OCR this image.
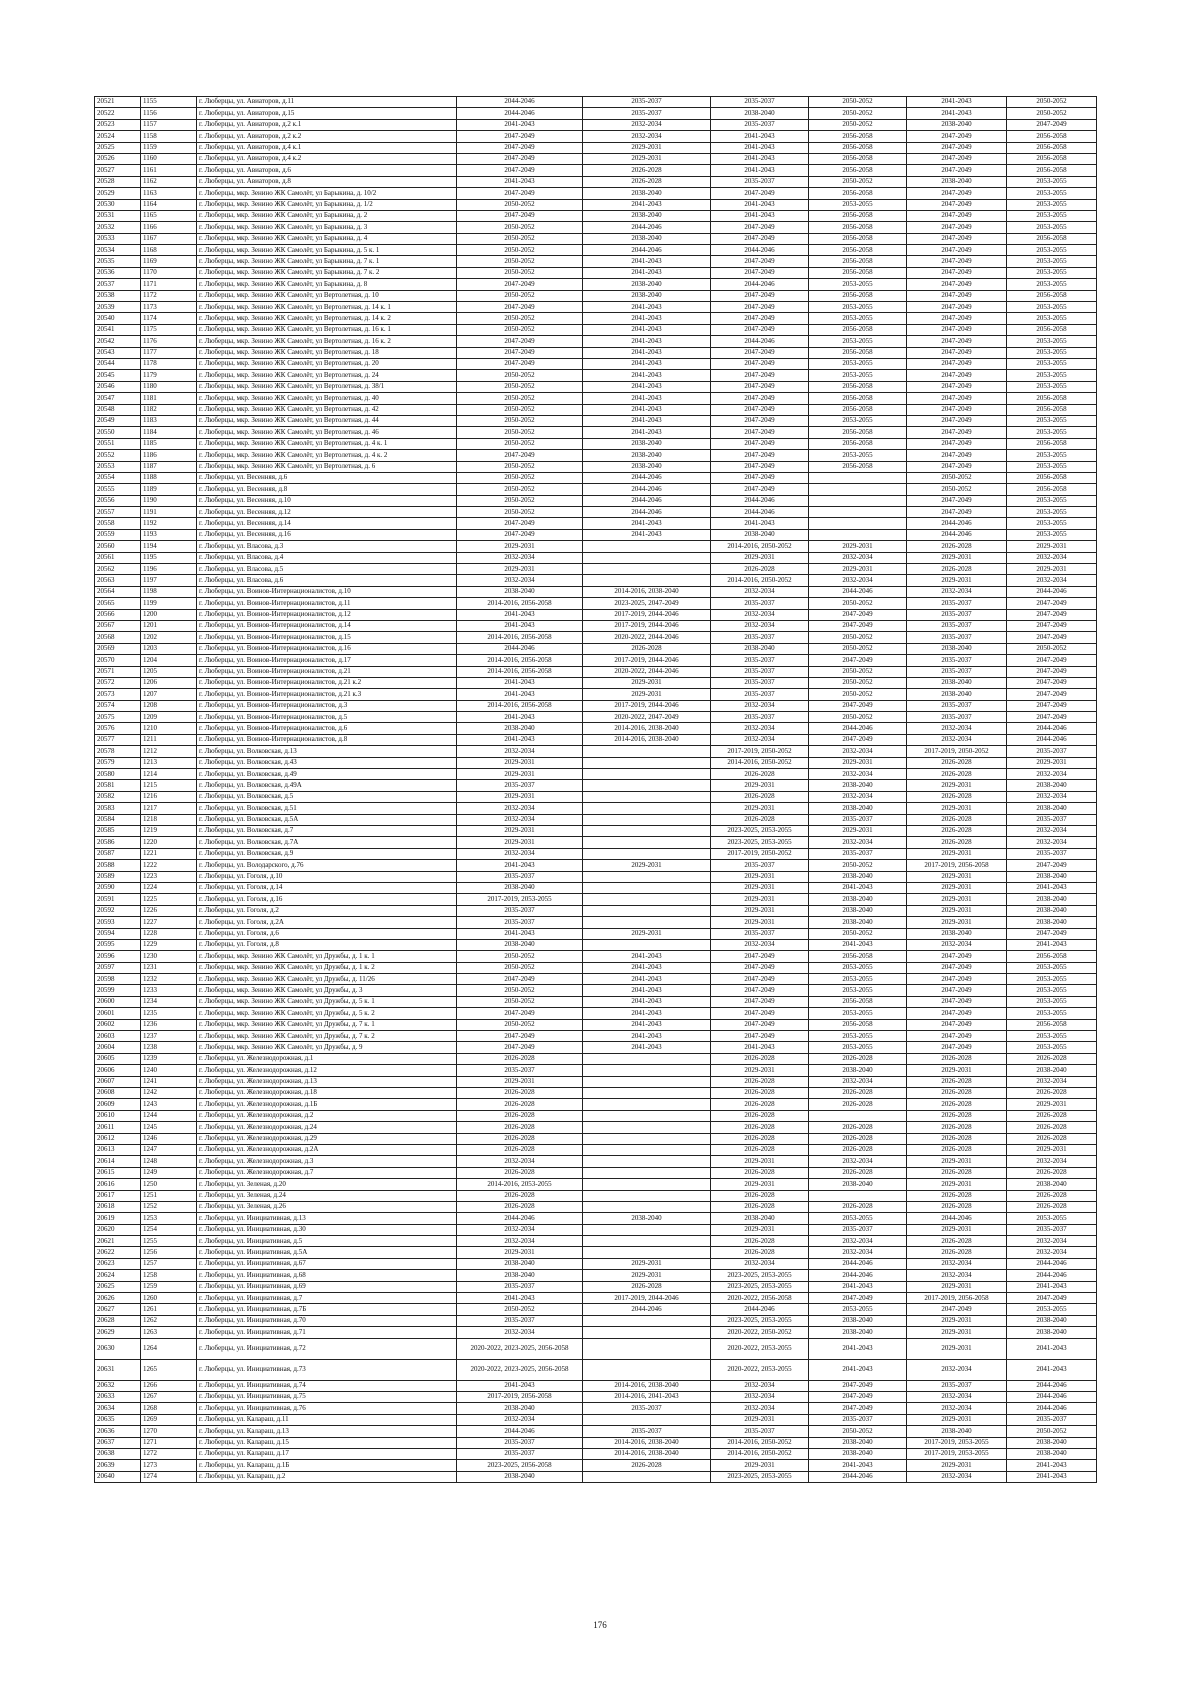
20521	1155	г. Люберцы, ул. Авиаторов, д.11	2044-2046	2035-2037	2035-2037	2050-2052	2041-2043	2050-2052
20522	1156	г. Люберцы, ул. Авиаторов, д.15	2044-2046	2035-2037	2038-2040	2050-2052	2041-2043	2050-2052
20523	1157	г. Люберцы, ул. Авиаторов, д.2 к.1	2041-2043	2032-2034	2035-2037	2050-2052	2038-2040	2047-2049
20524	1158	г. Люберцы, ул. Авиаторов, д.2 к.2	2047-2049	2032-2034	2041-2043	2056-2058	2047-2049	2056-2058
20525	1159	г. Люберцы, ул. Авиаторов, д.4 к.1	2047-2049	2029-2031	2041-2043	2056-2058	2047-2049	2056-2058
20526	1160	г. Люберцы, ул. Авиаторов, д.4 к.2	2047-2049	2029-2031	2041-2043	2056-2058	2047-2049	2056-2058
20527	1161	г. Люберцы, ул. Авиаторов, д.6	2047-2049	2026-2028	2041-2043	2056-2058	2047-2049	2056-2058
20528	1162	г. Люберцы, ул. Авиаторов, д.8	2041-2043	2026-2028	2035-2037	2050-2052	2038-2040	2053-2055
20529	1163	г. Люберцы, мкр. Зенино ЖК Самолёт, ул Барыкина, д. 10/2	2047-2049	2038-2040	2047-2049	2056-2058	2047-2049	2053-2055
20530	1164	г. Люберцы, мкр. Зенино ЖК Самолёт, ул Барыкина, д. 1/2	2050-2052	2041-2043	2041-2043	2053-2055	2047-2049	2053-2055
20531	1165	г. Люберцы, мкр. Зенино ЖК Самолёт, ул Барыкина, д. 2	2047-2049	2038-2040	2041-2043	2056-2058	2047-2049	2053-2055
20532	1166	г. Люберцы, мкр. Зенино ЖК Самолёт, ул Барыкина, д. 3	2050-2052	2044-2046	2047-2049	2056-2058	2047-2049	2053-2055
20533	1167	г. Люберцы, мкр. Зенино ЖК Самолёт, ул Барыкина, д. 4	2050-2052	2038-2040	2047-2049	2056-2058	2047-2049	2056-2058
20534	1168	г. Люберцы, мкр. Зенино ЖК Самолёт, ул Барыкина, д. 5 к. 1	2050-2052	2044-2046	2044-2046	2056-2058	2047-2049	2053-2055
20535	1169	г. Люберцы, мкр. Зенино ЖК Самолёт, ул Барыкина, д. 7 к. 1	2050-2052	2041-2043	2047-2049	2056-2058	2047-2049	2053-2055
20536	1170	г. Люберцы, мкр. Зенино ЖК Самолёт, ул Барыкина, д. 7 к. 2	2050-2052	2041-2043	2047-2049	2056-2058	2047-2049	2053-2055
20537	1171	г. Люберцы, мкр. Зенино ЖК Самолёт, ул Барыкина, д. 8	2047-2049	2038-2040	2044-2046	2053-2055	2047-2049	2053-2055
20538	1172	г. Люберцы, мкр. Зенино ЖК Самолёт, ул Вертолетная, д. 10	2050-2052	2038-2040	2047-2049	2056-2058	2047-2049	2056-2058
20539	1173	г. Люберцы, мкр. Зенино ЖК Самолёт, ул Вертолетная, д. 14 к. 1	2047-2049	2041-2043	2047-2049	2053-2055	2047-2049	2053-2055
20540	1174	г. Люберцы, мкр. Зенино ЖК Самолёт, ул Вертолетная, д. 14 к. 2	2050-2052	2041-2043	2047-2049	2053-2055	2047-2049	2053-2055
20541	1175	г. Люберцы, мкр. Зенино ЖК Самолёт, ул Вертолетная, д. 16 к. 1	2050-2052	2041-2043	2047-2049	2056-2058	2047-2049	2056-2058
20542	1176	г. Люберцы, мкр. Зенино ЖК Самолёт, ул Вертолетная, д. 16 к. 2	2047-2049	2041-2043	2044-2046	2053-2055	2047-2049	2053-2055
20543	1177	г. Люберцы, мкр. Зенино ЖК Самолёт, ул Вертолетная, д. 18	2047-2049	2041-2043	2047-2049	2056-2058	2047-2049	2053-2055
20544	1178	г. Люберцы, мкр. Зенино ЖК Самолёт, ул Вертолетная, д. 20	2047-2049	2041-2043	2047-2049	2053-2055	2047-2049	2053-2055
20545	1179	г. Люберцы, мкр. Зенино ЖК Самолёт, ул Вертолетная, д. 24	2050-2052	2041-2043	2047-2049	2053-2055	2047-2049	2053-2055
20546	1180	г. Люберцы, мкр. Зенино ЖК Самолёт, ул Вертолетная, д. 38/1	2050-2052	2041-2043	2047-2049	2056-2058	2047-2049	2053-2055
20547	1181	г. Люберцы, мкр. Зенино ЖК Самолёт, ул Вертолетная, д. 40	2050-2052	2041-2043	2047-2049	2056-2058	2047-2049	2056-2058
20548	1182	г. Люберцы, мкр. Зенино ЖК Самолёт, ул Вертолетная, д. 42	2050-2052	2041-2043	2047-2049	2056-2058	2047-2049	2056-2058
20549	1183	г. Люберцы, мкр. Зенино ЖК Самолёт, ул Вертолетная, д. 44	2050-2052	2041-2043	2047-2049	2053-2055	2047-2049	2053-2055
20550	1184	г. Люберцы, мкр. Зенино ЖК Самолёт, ул Вертолетная, д. 46	2050-2052	2041-2043	2047-2049	2056-2058	2047-2049	2053-2055
20551	1185	г. Люберцы, мкр. Зенино ЖК Самолёт, ул Вертолетная, д. 4 к. 1	2050-2052	2038-2040	2047-2049	2056-2058	2047-2049	2056-2058
20552	1186	г. Люберцы, мкр. Зенино ЖК Самолёт, ул Вертолетная, д. 4 к. 2	2047-2049	2038-2040	2047-2049	2053-2055	2047-2049	2053-2055
20553	1187	г. Люберцы, мкр. Зенино ЖК Самолёт, ул Вертолетная, д. 6	2050-2052	2038-2040	2047-2049	2056-2058	2047-2049	2053-2055
20554	1188	г. Люберцы, ул. Весенняя, д.6	2050-2052	2044-2046	2047-2049		2050-2052	2056-2058
20555	1189	г. Люберцы, ул. Весенняя, д.8	2050-2052	2044-2046	2047-2049		2050-2052	2056-2058
20556	1190	г. Люберцы, ул. Весенняя, д.10	2050-2052	2044-2046	2044-2046		2047-2049	2053-2055
20557	1191	г. Люберцы, ул. Весенняя, д.12	2050-2052	2044-2046	2044-2046		2047-2049	2053-2055
20558	1192	г. Люберцы, ул. Весенняя, д.14	2047-2049	2041-2043	2041-2043		2044-2046	2053-2055
20559	1193	г. Люберцы, ул. Весенняя, д.16	2047-2049	2041-2043	2038-2040		2044-2046	2053-2055
20560	1194	г. Люберцы, ул. Власова, д.3	2029-2031		2014-2016, 2050-2052	2029-2031	2026-2028	2029-2031
20561	1195	г. Люберцы, ул. Власова, д.4	2032-2034		2029-2031	2032-2034	2029-2031	2032-2034
20562	1196	г. Люберцы, ул. Власова, д.5	2029-2031		2026-2028	2029-2031	2026-2028	2029-2031
20563	1197	г. Люберцы, ул. Власова, д.6	2032-2034		2014-2016, 2050-2052	2032-2034	2029-2031	2032-2034
20564	1198	г. Люберцы, ул. Воинов-Интернационалистов, д.10	2038-2040	2014-2016, 2038-2040	2032-2034	2044-2046	2032-2034	2044-2046
20565	1199	г. Люберцы, ул. Воинов-Интернационалистов, д.11	2014-2016, 2056-2058	2023-2025, 2047-2049	2035-2037	2050-2052	2035-2037	2047-2049
20566	1200	г. Люберцы, ул. Воинов-Интернационалистов, д.12	2041-2043	2017-2019, 2044-2046	2032-2034	2047-2049	2035-2037	2047-2049
20567	1201	г. Люберцы, ул. Воинов-Интернационалистов, д.14	2041-2043	2017-2019, 2044-2046	2032-2034	2047-2049	2035-2037	2047-2049
20568	1202	г. Люберцы, ул. Воинов-Интернационалистов, д.15	2014-2016, 2056-2058	2020-2022, 2044-2046	2035-2037	2050-2052	2035-2037	2047-2049
20569	1203	г. Люберцы, ул. Воинов-Интернационалистов, д.16	2044-2046	2026-2028	2038-2040	2050-2052	2038-2040	2050-2052
20570	1204	г. Люберцы, ул. Воинов-Интернационалистов, д.17	2014-2016, 2056-2058	2017-2019, 2044-2046	2035-2037	2047-2049	2035-2037	2047-2049
20571	1205	г. Люберцы, ул. Воинов-Интернационалистов, д.21	2014-2016, 2056-2058	2020-2022, 2044-2046	2035-2037	2050-2052	2035-2037	2047-2049
20572	1206	г. Люберцы, ул. Воинов-Интернационалистов, д.21 к.2	2041-2043	2029-2031	2035-2037	2050-2052	2038-2040	2047-2049
20573	1207	г. Люберцы, ул. Воинов-Интернационалистов, д.21 к.3	2041-2043	2029-2031	2035-2037	2050-2052	2038-2040	2047-2049
20574	1208	г. Люберцы, ул. Воинов-Интернационалистов, д.3	2014-2016, 2056-2058	2017-2019, 2044-2046	2032-2034	2047-2049	2035-2037	2047-2049
20575	1209	г. Люберцы, ул. Воинов-Интернационалистов, д.5	2041-2043	2020-2022, 2047-2049	2035-2037	2050-2052	2035-2037	2047-2049
20576	1210	г. Люберцы, ул. Воинов-Интернационалистов, д.6	2038-2040	2014-2016, 2038-2040	2032-2034	2044-2046	2032-2034	2044-2046
20577	1211	г. Люберцы, ул. Воинов-Интернационалистов, д.8	2041-2043	2014-2016, 2038-2040	2032-2034	2047-2049	2032-2034	2044-2046
20578	1212	г. Люберцы, ул. Волковская, д.13	2032-2034		2017-2019, 2050-2052	2032-2034	2017-2019, 2050-2052	2035-2037
20579	1213	г. Люберцы, ул. Волковская, д.43	2029-2031		2014-2016, 2050-2052	2029-2031	2026-2028	2029-2031
20580	1214	г. Люберцы, ул. Волковская, д.49	2029-2031		2026-2028	2032-2034	2026-2028	2032-2034
20581	1215	г. Люберцы, ул. Волковская, д.49А	2035-2037		2029-2031	2038-2040	2029-2031	2038-2040
20582	1216	г. Люберцы, ул. Волковская, д.5	2029-2031		2026-2028	2032-2034	2026-2028	2032-2034
20583	1217	г. Люберцы, ул. Волковская, д.51	2032-2034		2029-2031	2038-2040	2029-2031	2038-2040
20584	1218	г. Люберцы, ул. Волковская, д.5А	2032-2034		2026-2028	2035-2037	2026-2028	2035-2037
20585	1219	г. Люберцы, ул. Волковская, д.7	2029-2031		2023-2025, 2053-2055	2029-2031	2026-2028	2032-2034
20586	1220	г. Люберцы, ул. Волковская, д.7А	2029-2031		2023-2025, 2053-2055	2032-2034	2026-2028	2032-2034
20587	1221	г. Люберцы, ул. Волковская, д.9	2032-2034		2017-2019, 2050-2052	2035-2037	2029-2031	2035-2037
20588	1222	г. Люберцы, ул. Володарского, д.76	2041-2043	2029-2031	2035-2037	2050-2052	2017-2019, 2056-2058	2047-2049
20589	1223	г. Люберцы, ул. Гоголя, д.10	2035-2037		2029-2031	2038-2040	2029-2031	2038-2040
20590	1224	г. Люберцы, ул. Гоголя, д.14	2038-2040		2029-2031	2041-2043	2029-2031	2041-2043
20591	1225	г. Люберцы, ул. Гоголя, д.16	2017-2019, 2053-2055		2029-2031	2038-2040	2029-2031	2038-2040
20592	1226	г. Люберцы, ул. Гоголя, д.2	2035-2037		2029-2031	2038-2040	2029-2031	2038-2040
20593	1227	г. Люберцы, ул. Гоголя, д.2А	2035-2037		2029-2031	2038-2040	2029-2031	2038-2040
20594	1228	г. Люберцы, ул. Гоголя, д.6	2041-2043	2029-2031	2035-2037	2050-2052	2038-2040	2047-2049
20595	1229	г. Люберцы, ул. Гоголя, д.8	2038-2040		2032-2034	2041-2043	2032-2034	2041-2043
20596	1230	г. Люберцы, мкр. Зенино ЖК Самолёт, ул Дружбы, д. 1 к. 1	2050-2052	2041-2043	2047-2049	2056-2058	2047-2049	2056-2058
20597	1231	г. Люберцы, мкр. Зенино ЖК Самолёт, ул Дружбы, д. 1 к. 2	2050-2052	2041-2043	2047-2049	2053-2055	2047-2049	2053-2055
20598	1232	г. Люберцы, мкр. Зенино ЖК Самолёт, ул Дружбы, д. 11/26	2047-2049	2041-2043	2047-2049	2053-2055	2047-2049	2053-2055
20599	1233	г. Люберцы, мкр. Зенино ЖК Самолёт, ул Дружбы, д. 3	2050-2052	2041-2043	2047-2049	2053-2055	2047-2049	2053-2055
20600	1234	г. Люберцы, мкр. Зенино ЖК Самолёт, ул Дружбы, д. 5 к. 1	2050-2052	2041-2043	2047-2049	2056-2058	2047-2049	2053-2055
20601	1235	г. Люберцы, мкр. Зенино ЖК Самолёт, ул Дружбы, д. 5 к. 2	2047-2049	2041-2043	2047-2049	2053-2055	2047-2049	2053-2055
20602	1236	г. Люберцы, мкр. Зенино ЖК Самолёт, ул Дружбы, д. 7 к. 1	2050-2052	2041-2043	2047-2049	2056-2058	2047-2049	2056-2058
20603	1237	г. Люберцы, мкр. Зенино ЖК Самолёт, ул Дружбы, д. 7 к. 2	2047-2049	2041-2043	2047-2049	2053-2055	2047-2049	2053-2055
20604	1238	г. Люберцы, мкр. Зенино ЖК Самолёт, ул Дружбы, д. 9	2047-2049	2041-2043	2041-2043	2053-2055	2047-2049	2053-2055
20605	1239	г. Люберцы, ул. Железнодорожная, д.1	2026-2028		2026-2028	2026-2028	2026-2028	2026-2028
20606	1240	г. Люберцы, ул. Железнодорожная, д.12	2035-2037		2029-2031	2038-2040	2029-2031	2038-2040
20607	1241	г. Люберцы, ул. Железнодорожная, д.13	2029-2031		2026-2028	2032-2034	2026-2028	2032-2034
20608	1242	г. Люберцы, ул. Железнодорожная, д.18	2026-2028		2026-2028	2026-2028	2026-2028	2026-2028
20609	1243	г. Люберцы, ул. Железнодорожная, д.1Б	2026-2028		2026-2028	2026-2028	2026-2028	2029-2031
20610	1244	г. Люберцы, ул. Железнодорожная, д.2	2026-2028		2026-2028		2026-2028	2026-2028
20611	1245	г. Люберцы, ул. Железнодорожная, д.24	2026-2028		2026-2028	2026-2028	2026-2028	2026-2028
20612	1246	г. Люберцы, ул. Железнодорожная, д.29	2026-2028		2026-2028	2026-2028	2026-2028	2026-2028
20613	1247	г. Люберцы, ул. Железнодорожная, д.2А	2026-2028		2026-2028	2026-2028	2026-2028	2029-2031
20614	1248	г. Люберцы, ул. Железнодорожная, д.3	2032-2034		2029-2031	2032-2034	2029-2031	2032-2034
20615	1249	г. Люберцы, ул. Железнодорожная, д.7	2026-2028		2026-2028	2026-2028	2026-2028	2026-2028
20616	1250	г. Люберцы, ул. Зеленая, д.20	2014-2016, 2053-2055		2029-2031	2038-2040	2029-2031	2038-2040
20617	1251	г. Люберцы, ул. Зеленая, д.24	2026-2028		2026-2028		2026-2028	2026-2028
20618	1252	г. Люберцы, ул. Зеленая, д.26	2026-2028		2026-2028	2026-2028	2026-2028	2026-2028
20619	1253	г. Люберцы, ул. Инициативная, д.13	2044-2046	2038-2040	2038-2040	2053-2055	2044-2046	2053-2055
20620	1254	г. Люберцы, ул. Инициативная, д.30	2032-2034		2029-2031	2035-2037	2029-2031	2035-2037
20621	1255	г. Люберцы, ул. Инициативная, д.5	2032-2034		2026-2028	2032-2034	2026-2028	2032-2034
20622	1256	г. Люберцы, ул. Инициативная, д.5А	2029-2031		2026-2028	2032-2034	2026-2028	2032-2034
20623	1257	г. Люберцы, ул. Инициативная, д.67	2038-2040	2029-2031	2032-2034	2044-2046	2032-2034	2044-2046
20624	1258	г. Люберцы, ул. Инициативная, д.68	2038-2040	2029-2031	2023-2025, 2053-2055	2044-2046	2032-2034	2044-2046
20625	1259	г. Люберцы, ул. Инициативная, д.69	2035-2037	2026-2028	2023-2025, 2053-2055	2041-2043	2029-2031	2041-2043
20626	1260	г. Люберцы, ул. Инициативная, д.7	2041-2043	2017-2019, 2044-2046	2020-2022, 2056-2058	2047-2049	2017-2019, 2056-2058	2047-2049
20627	1261	г. Люберцы, ул. Инициативная, д.7Б	2050-2052	2044-2046	2044-2046	2053-2055	2047-2049	2053-2055
20628	1262	г. Люберцы, ул. Инициативная, д.70	2035-2037		2023-2025, 2053-2055	2038-2040	2029-2031	2038-2040
20629	1263	г. Люберцы, ул. Инициативная, д.71	2032-2034		2020-2022, 2050-2052	2038-2040	2029-2031	2038-2040
20630	1264	г. Люберцы, ул. Инициативная, д.72	2020-2022, 2023-2025, 2056-2058		2020-2022, 2053-2055	2041-2043	2029-2031	2041-2043
20631	1265	г. Люберцы, ул. Инициативная, д.73	2020-2022, 2023-2025, 2056-2058		2020-2022, 2053-2055	2041-2043	2032-2034	2041-2043
20632	1266	г. Люберцы, ул. Инициативная, д.74	2041-2043	2014-2016, 2038-2040	2032-2034	2047-2049	2035-2037	2044-2046
20633	1267	г. Люберцы, ул. Инициативная, д.75	2017-2019, 2056-2058	2014-2016, 2041-2043	2032-2034	2047-2049	2032-2034	2044-2046
20634	1268	г. Люберцы, ул. Инициативная, д.76	2038-2040	2035-2037	2032-2034	2047-2049	2032-2034	2044-2046
20635	1269	г. Люберцы, ул. Калараш, д.11	2032-2034		2029-2031	2035-2037	2029-2031	2035-2037
20636	1270	г. Люберцы, ул. Калараш, д.13	2044-2046	2035-2037	2035-2037	2050-2052	2038-2040	2050-2052
20637	1271	г. Люберцы, ул. Калараш, д.15	2035-2037	2014-2016, 2038-2040	2014-2016, 2050-2052	2038-2040	2017-2019, 2053-2055	2038-2040
20638	1272	г. Люберцы, ул. Калараш, д.17	2035-2037	2014-2016, 2038-2040	2014-2016, 2050-2052	2038-2040	2017-2019, 2053-2055	2038-2040
20639	1273	г. Люберцы, ул. Калараш, д.1Б	2023-2025, 2056-2058	2026-2028	2029-2031	2041-2043	2029-2031	2041-2043
20640	1274	г. Люберцы, ул. Калараш, д.2	2038-2040		2023-2025, 2053-2055	2044-2046	2032-2034	2041-2043
176
